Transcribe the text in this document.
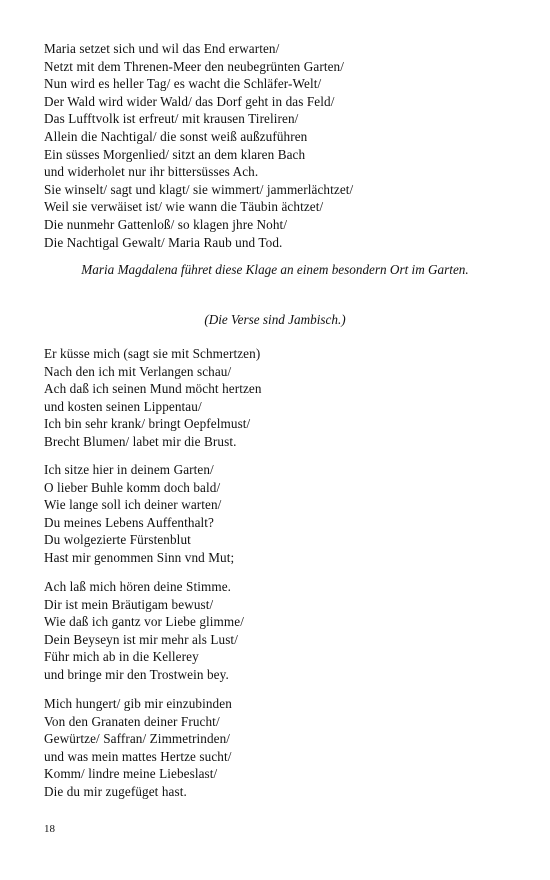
Maria setzet sich und wil das End erwarten/
Netzt mit dem Threnen-Meer den neubegrünten Garten/
Nun wird es heller Tag/ es wacht die Schläfer-Welt/
Der Wald wird wider Wald/ das Dorf geht in das Feld/
Das Lufftvolk ist erfreut/ mit krausen Tireliren/
Allein die Nachtigal/ die sonst weiß außzuführen
Ein süsses Morgenlied/ sitzt an dem klaren Bach
und widerholet nur ihr bittersüsses Ach.
Sie winselt/ sagt und klagt/ sie wimmert/ jammerlächtzet/
Weil sie verwäiset ist/ wie wann die Täubin ächtzet/
Die nunmehr Gattenloß/ so klagen jhre Noht/
Die Nachtigal Gewalt/ Maria Raub und Tod.
Maria Magdalena führet diese Klage an einem besondern Ort im Garten.
(Die Verse sind Jambisch.)
Er küsse mich (sagt sie mit Schmertzen)
Nach den ich mit Verlangen schau/
Ach daß ich seinen Mund möcht hertzen
und kosten seinen Lippentau/
Ich bin sehr krank/ bringt Oepfelmust/
Brecht Blumen/ labet mir die Brust.
Ich sitze hier in deinem Garten/
O lieber Buhle komm doch bald/
Wie lange soll ich deiner warten/
Du meines Lebens Auffenthalt?
Du wolgezierte Fürstenblut
Hast mir genommen Sinn vnd Mut;
Ach laß mich hören deine Stimme.
Dir ist mein Bräutigam bewust/
Wie daß ich gantz vor Liebe glimme/
Dein Beyseyn ist mir mehr als Lust/
Führ mich ab in die Kellerey
und bringe mir den Trostwein bey.
Mich hungert/ gib mir einzubinden
Von den Granaten deiner Frucht/
Gewürtze/ Saffran/ Zimmetrinden/
und was mein mattes Hertze sucht/
Komm/ lindre meine Liebeslast/
Die du mir zugefüget hast.
18
